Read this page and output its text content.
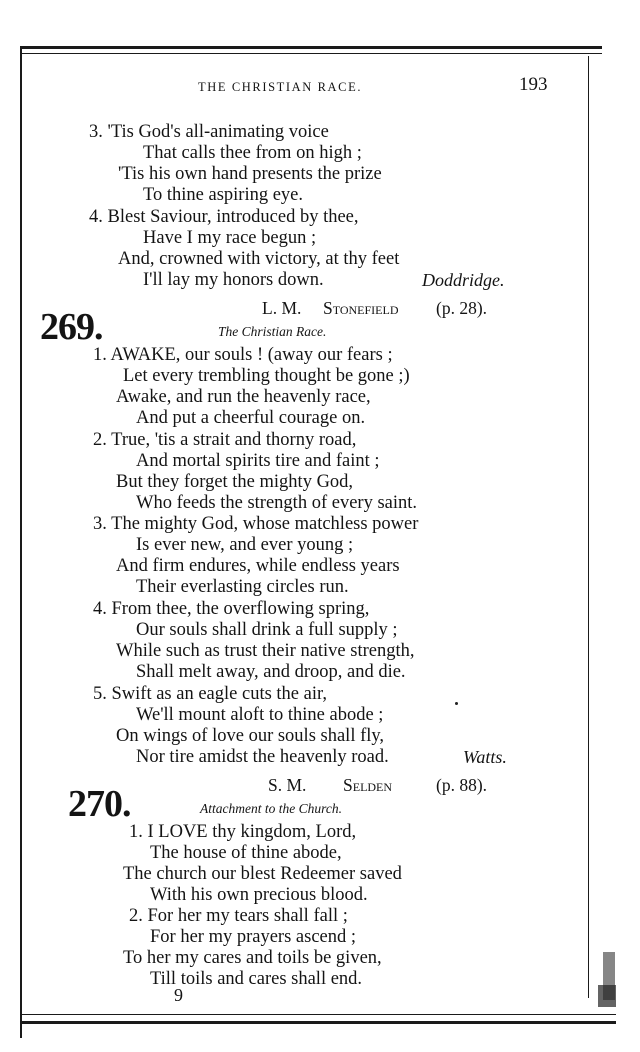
THE CHRISTIAN RACE.	193
3. 'Tis God's all-animating voice
That calls thee from on high ;
'Tis his own hand presents the prize
To thine aspiring eye.
4. Blest Saviour, introduced by thee,
Have I my race begun ;
And, crowned with victory, at thy feet
I'll lay my honors down.	Doddridge.
L. M. Stonefield (p. 28).
269.	The Christian Race.
1. AWAKE, our souls ! (away our fears ;
Let every trembling thought be gone ;)
Awake, and run the heavenly race,
And put a cheerful courage on.
2. True, 'tis a strait and thorny road,
And mortal spirits tire and faint ;
But they forget the mighty God,
Who feeds the strength of every saint.
3. The mighty God, whose matchless power
Is ever new, and ever young ;
And firm endures, while endless years
Their everlasting circles run.
4. From thee, the overflowing spring,
Our souls shall drink a full supply ;
While such as trust their native strength,
Shall melt away, and droop, and die.
5. Swift as an eagle cuts the air,
We'll mount aloft to thine abode ;
On wings of love our souls shall fly,
Nor tire amidst the heavenly road.	Watts.
S. M. Selden	(p. 88).
270.	Attachment to the Church.
1. I LOVE thy kingdom, Lord,
The house of thine abode,
The church our blest Redeemer saved
With his own precious blood.
2. For her my tears shall fall ;
For her my prayers ascend ;
To her my cares and toils be given,
Till toils and cares shall end.
9
